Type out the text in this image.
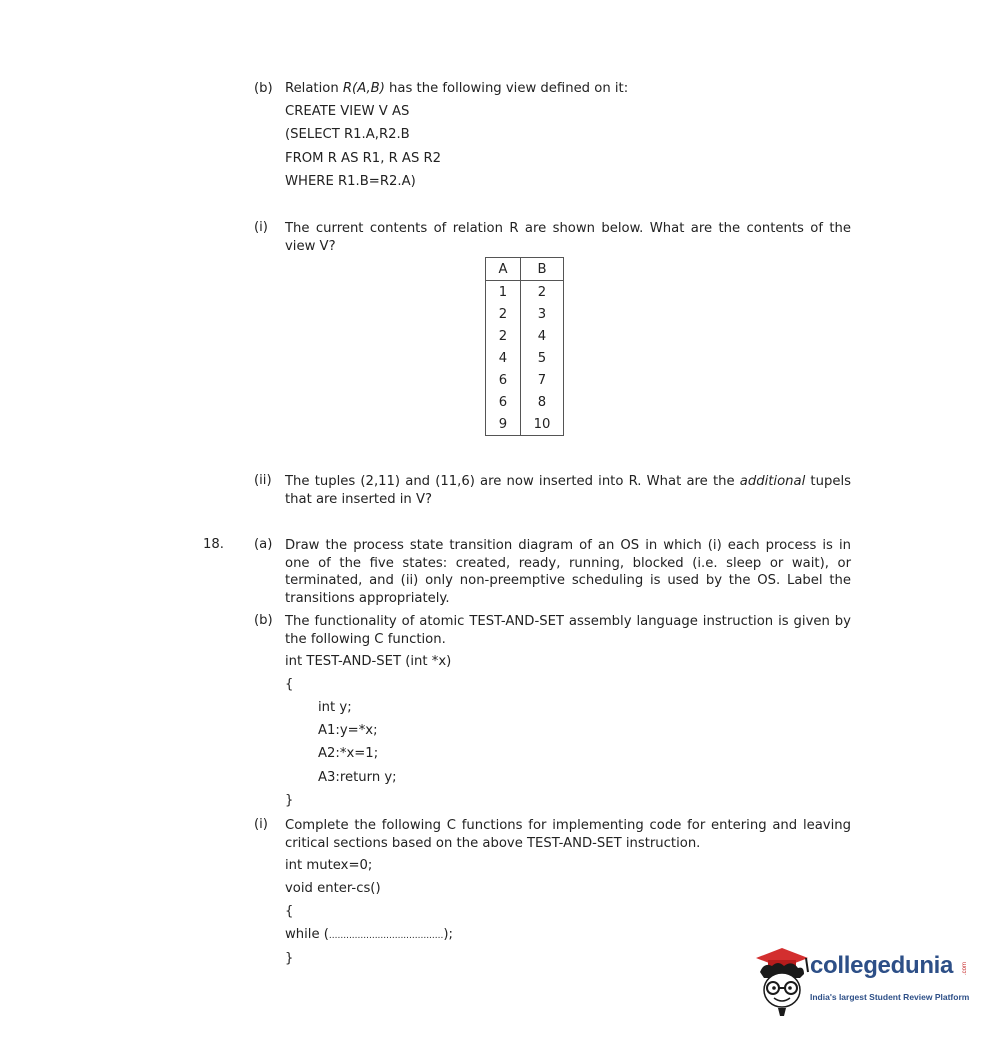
(b) Relation R(A,B) has the following view defined on it:
CREATE VIEW V AS
(SELECT R1.A,R2.B
FROM R AS R1, R AS R2
WHERE R1.B=R2.A)
(i) The current contents of relation R are shown below. What are the contents of the view V?
A	B
1	2
2	3
2	4
4	5
6	7
6	8
9	10
(ii) The tuples (2,11) and (11,6) are now inserted into R. What are the additional tupels that are inserted in V?
18. (a) Draw the process state transition diagram of an OS in which (i) each process is in one of the five states: created, ready, running, blocked (i.e. sleep or wait), or terminated, and (ii) only non-preemptive scheduling is used by the OS. Label the transitions appropriately.
(b) The functionality of atomic TEST-AND-SET assembly language instruction is given by the following C function.
int TEST-AND-SET (int *x)
{
int y;
A1:y=*x;
A2:*x=1;
A3:return y;
}
(i) Complete the following C functions for implementing code for entering and leaving critical sections based on the above TEST-AND-SET instruction.
int mutex=0;
void enter-cs()
{
while (........................................);
}	collegedunia .com
India's largest Student Review Platform
